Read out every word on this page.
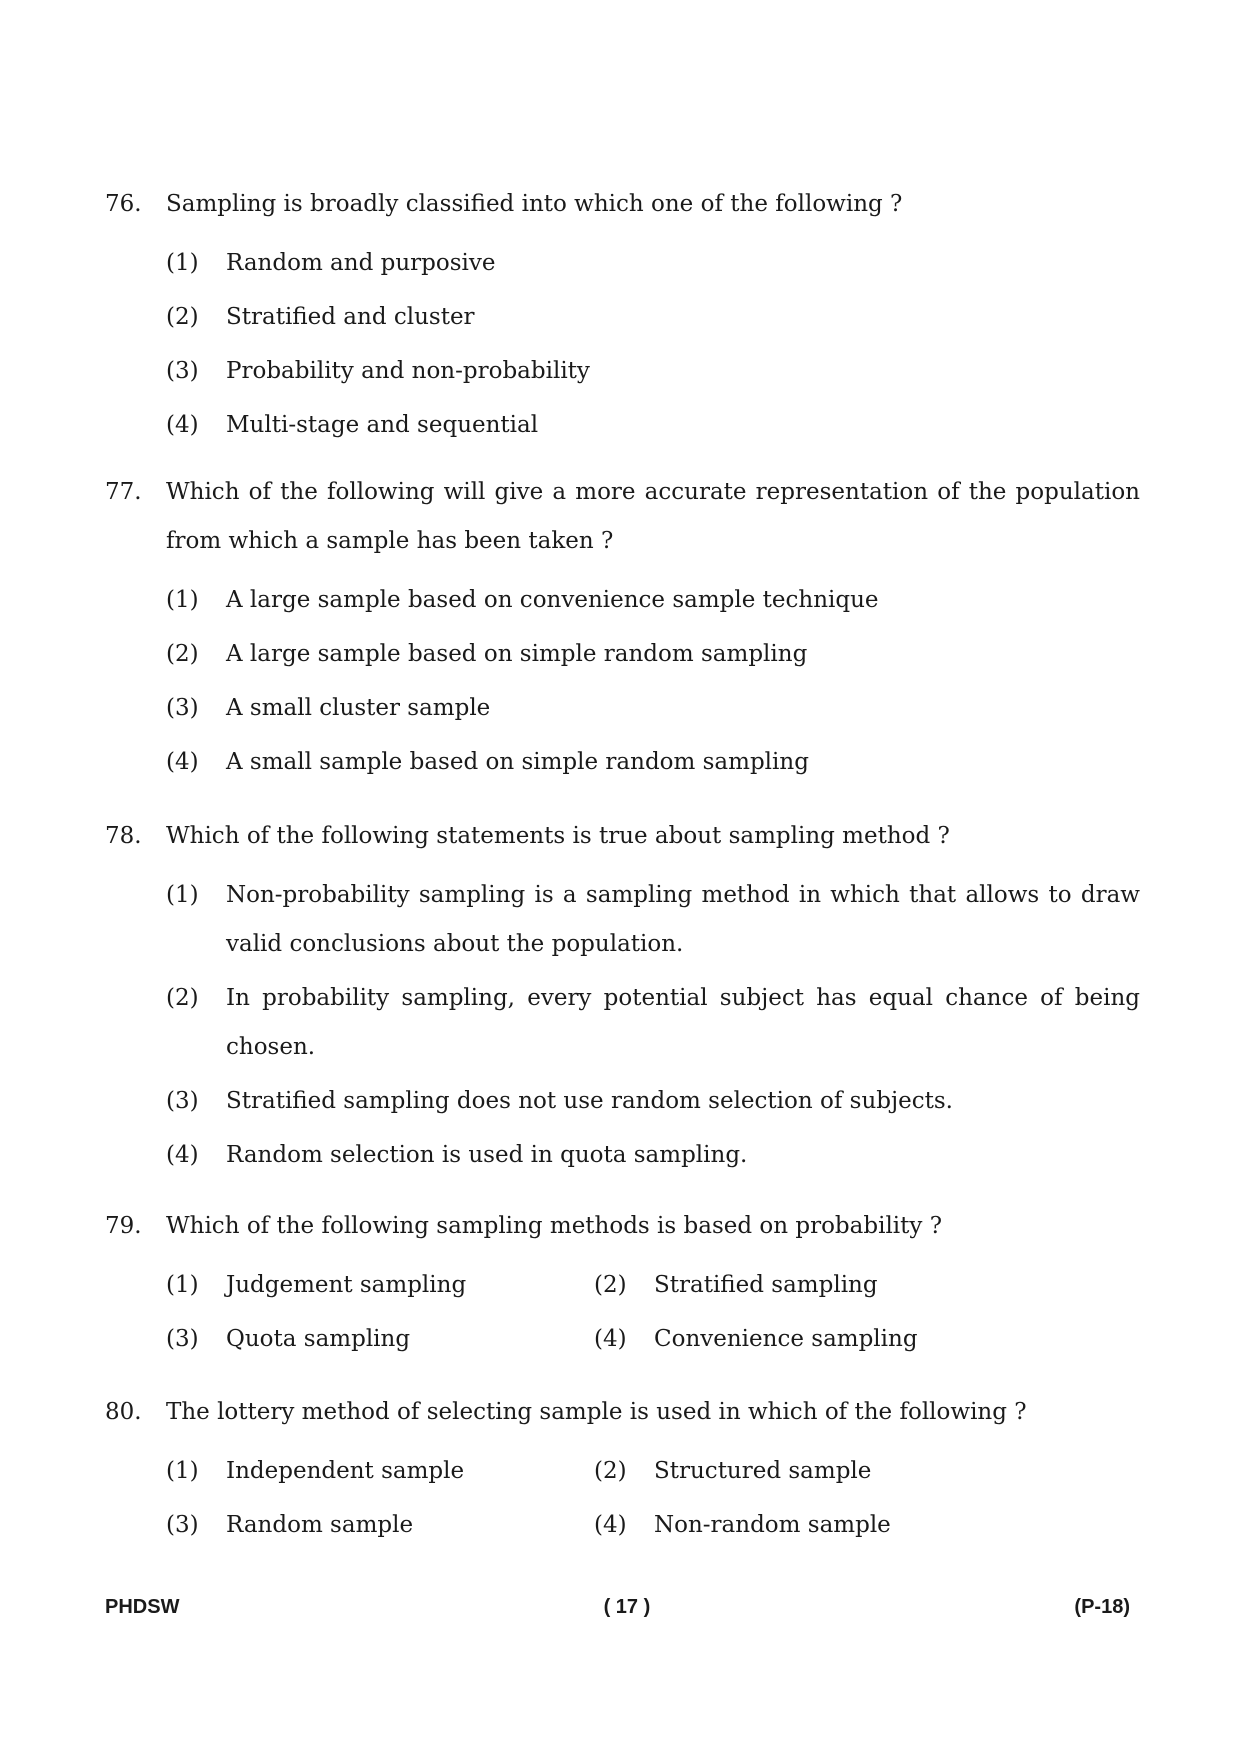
76.	Sampling is broadly classified into which one of the following ?
(1)	Random and purposive
(2)	Stratified and cluster
(3)	Probability and non-probability
(4)	Multi-stage and sequential
77.	Which of the following will give a more accurate representation of the population from which a sample has been taken ?
(1)	A large sample based on convenience sample technique
(2)	A large sample based on simple random sampling
(3)	A small cluster sample
(4)	A small sample based on simple random sampling
78.	Which of the following statements is true about sampling method ?
(1)	Non-probability sampling is a sampling method in which that allows to draw valid conclusions about the population.
(2)	In probability sampling, every potential subject has equal chance of being chosen.
(3)	Stratified sampling does not use random selection of subjects.
(4)	Random selection is used in quota sampling.
79.	Which of the following sampling methods is based on probability ?
(1)	Judgement sampling	(2)	Stratified sampling
(3)	Quota sampling	(4)	Convenience sampling
80.	The lottery method of selecting sample is used in which of the following ?
(1)	Independent sample	(2)	Structured sample
(3)	Random sample	(4)	Non-random sample
PHDSW	( 17 )	(P-18)
